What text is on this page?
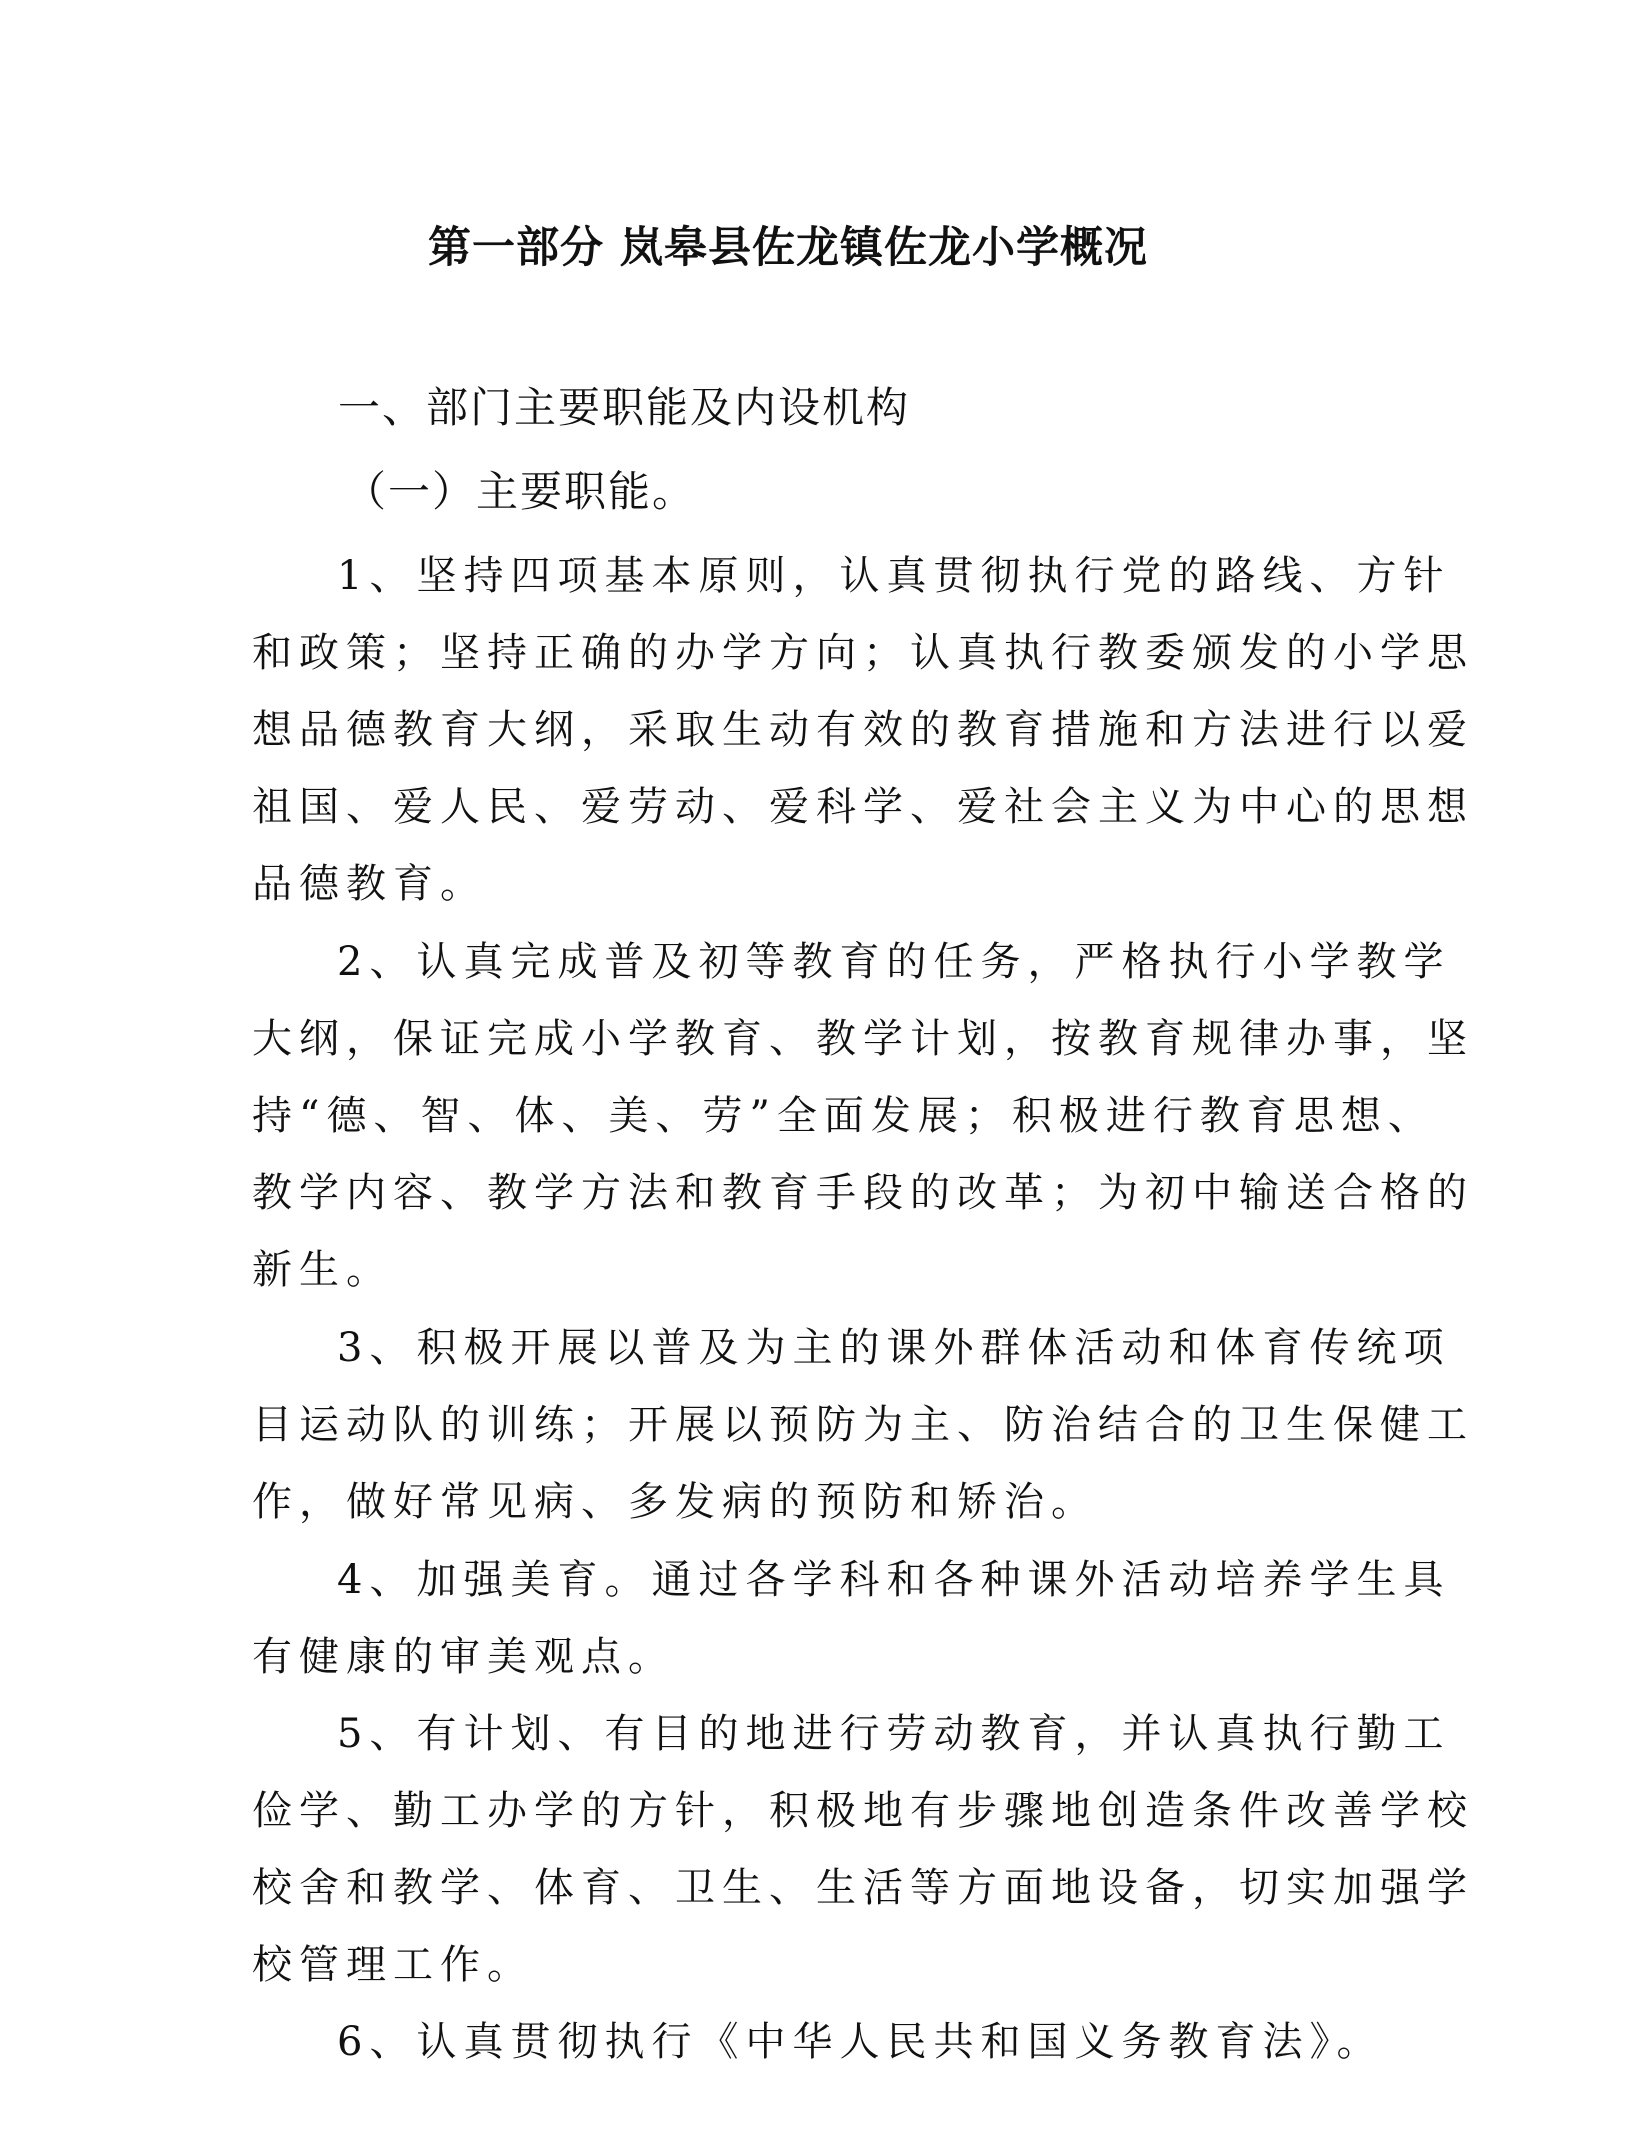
第一部分 岚皋县佐龙镇佐龙小学概况
一、部门主要职能及内设机构
（一）主要职能。
1、坚持四项基本原则，认真贯彻执行党的路线、方针
和政策；坚持正确的办学方向；认真执行教委颁发的小学思
想品德教育大纲，采取生动有效的教育措施和方法进行以爱
祖国、爱人民、爱劳动、爱科学、爱社会主义为中心的思想
品德教育。
2、认真完成普及初等教育的任务，严格执行小学教学
大纲，保证完成小学教育、教学计划，按教育规律办事，坚
持“德、智、体、美、劳”全面发展；积极进行教育思想、
教学内容、教学方法和教育手段的改革；为初中输送合格的
新生。
3、积极开展以普及为主的课外群体活动和体育传统项
目运动队的训练；开展以预防为主、防治结合的卫生保健工
作，做好常见病、多发病的预防和矫治。
4、加强美育。通过各学科和各种课外活动培养学生具
有健康的审美观点。
5、有计划、有目的地进行劳动教育，并认真执行勤工
俭学、勤工办学的方针，积极地有步骤地创造条件改善学校
校舍和教学、体育、卫生、生活等方面地设备，切实加强学
校管理工作。
6、认真贯彻执行《中华人民共和国义务教育法》。
